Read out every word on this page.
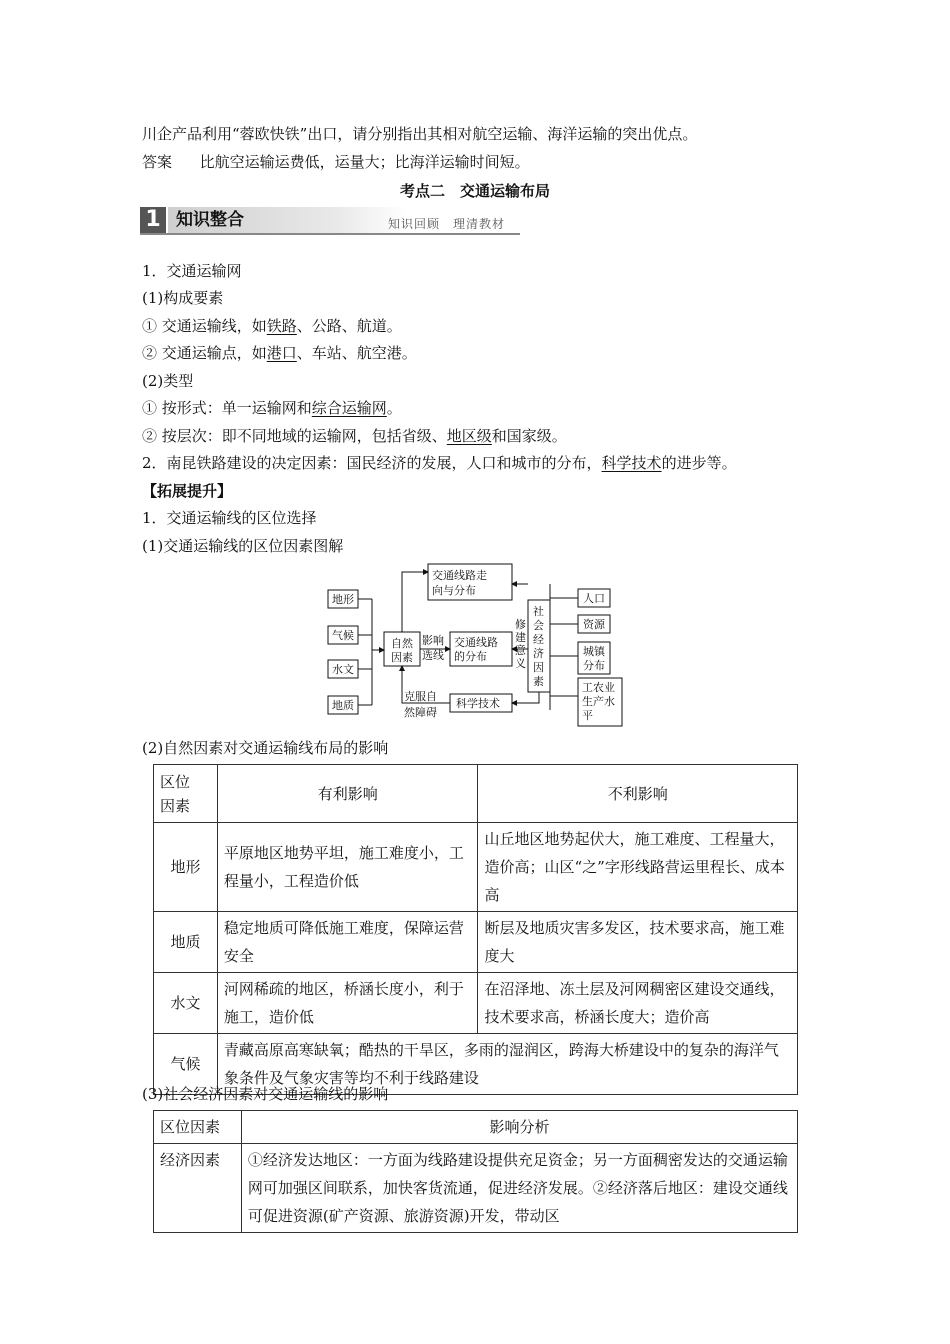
川企产品利用“蓉欧快铁”出口，请分别指出其相对航空运输、海洋运输的突出优点。
答案 比航空运输运费低，运量大；比海洋运输时间短。
考点二　交通运输布局
1 知识整合	知识回顾　理清教材
1．交通运输网
(1)构成要素
① 交通运输线，如铁路、公路、航道。
② 交通运输点，如港口、车站、航空港。
(2)类型
① 按形式：单一运输网和综合运输网。
② 按层次：即不同地域的运输网，包括省级、地区级和国家级。
2．南昆铁路建设的决定因素：国民经济的发展，人口和城市的分布，科学技术的进步等。
【拓展提升】
1．交通运输线的区位选择
(1)交通运输线的区位因素图解
地形
气候
水文
地质
自然
因素
影响
选线
交通线路
的分布
交通线路走
向与分布
克服自
然障碍
科学技术
修
建
意
义
社
会
经
济
因
素
人口
资源
城镇
分布
工农业
生产水
平
(2)自然因素对交通运输线布局的影响
区位
因素	有利影响	不利影响
地形	平原地区地势平坦，施工难度小，工程量小，工程造价低	山丘地区地势起伏大，施工难度、工程量大，造价高；山区“之”字形线路营运里程长、成本高
地质	稳定地质可降低施工难度，保障运营安全	断层及地质灾害多发区，技术要求高，施工难度大
水文	河网稀疏的地区，桥涵长度小，利于施工，造价低	在沼泽地、冻土层及河网稠密区建设交通线，技术要求高，桥涵长度大；造价高
气候	青藏高原高寒缺氧；酷热的干旱区，多雨的湿润区，跨海大桥建设中的复杂的海洋气象条件及气象灾害等均不利于线路建设	
(3)社会经济因素对交通运输线的影响
区位因素	影响分析
经济因素	①经济发达地区：一方面为线路建设提供充足资金；另一方面稠密发达的交通运输网可加强区间联系，加快客货流通，促进经济发展。②经济落后地区：建设交通线可促进资源(矿产资源、旅游资源)开发，带动区
